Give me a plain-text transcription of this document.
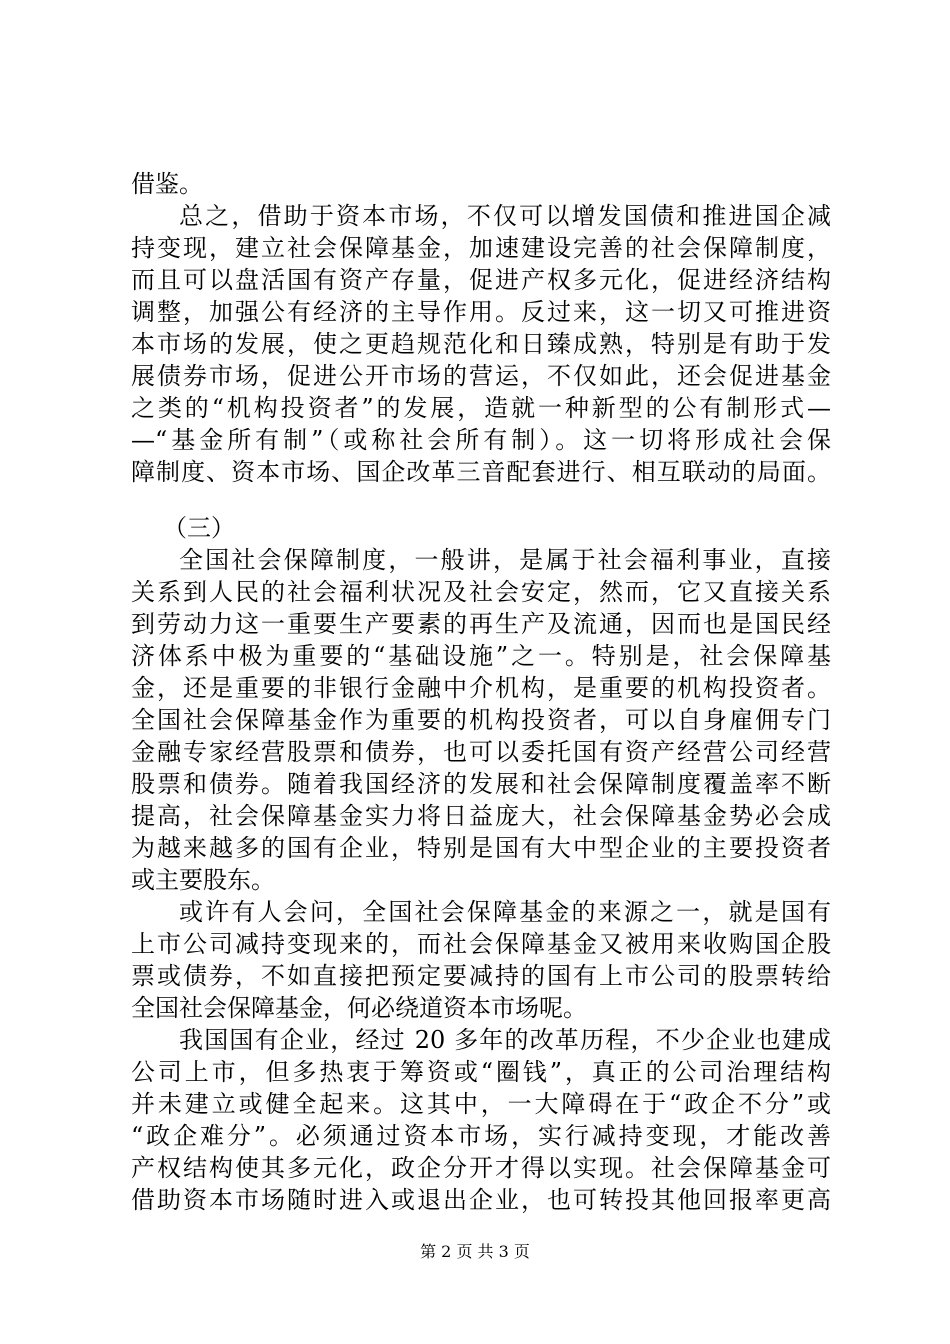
借鉴。
总之，借助于资本市场，不仅可以增发国债和推进国企减
持变现，建立社会保障基金，加速建设完善的社会保障制度，
而且可以盘活国有资产存量，促进产权多元化，促进经济结构
调整，加强公有经济的主导作用。反过来，这一切又可推进资
本市场的发展，使之更趋规范化和日臻成熟，特别是有助于发
展债券市场，促进公开市场的营运，不仅如此，还会促进基金
之类的“机构投资者”的发展，造就一种新型的公有制形式—
—“基金所有制”（或称社会所有制）。这一切将形成社会保
障制度、资本市场、国企改革三音配套进行、相互联动的局面。
（三）
全国社会保障制度，一般讲，是属于社会福利事业，直接
关系到人民的社会福利状况及社会安定，然而，它又直接关系
到劳动力这一重要生产要素的再生产及流通，因而也是国民经
济体系中极为重要的“基础设施”之一。特别是，社会保障基
金，还是重要的非银行金融中介机构，是重要的机构投资者。
全国社会保障基金作为重要的机构投资者，可以自身雇佣专门
金融专家经营股票和债券，也可以委托国有资产经营公司经营
股票和债券。随着我国经济的发展和社会保障制度覆盖率不断
提高，社会保障基金实力将日益庞大，社会保障基金势必会成
为越来越多的国有企业，特别是国有大中型企业的主要投资者
或主要股东。
或许有人会问，全国社会保障基金的来源之一，就是国有
上市公司减持变现来的，而社会保障基金又被用来收购国企股
票或债券，不如直接把预定要减持的国有上市公司的股票转给
全国社会保障基金，何必绕道资本市场呢。
我国国有企业，经过 20 多年的改革历程，不少企业也建成
公司上市，但多热衷于筹资或“圈钱”，真正的公司治理结构
并未建立或健全起来。这其中，一大障碍在于“政企不分”或
“政企难分”。必须通过资本市场，实行减持变现，才能改善
产权结构使其多元化，政企分开才得以实现。社会保障基金可
借助资本市场随时进入或退出企业，也可转投其他回报率更高
第 2 页 共 3 页
